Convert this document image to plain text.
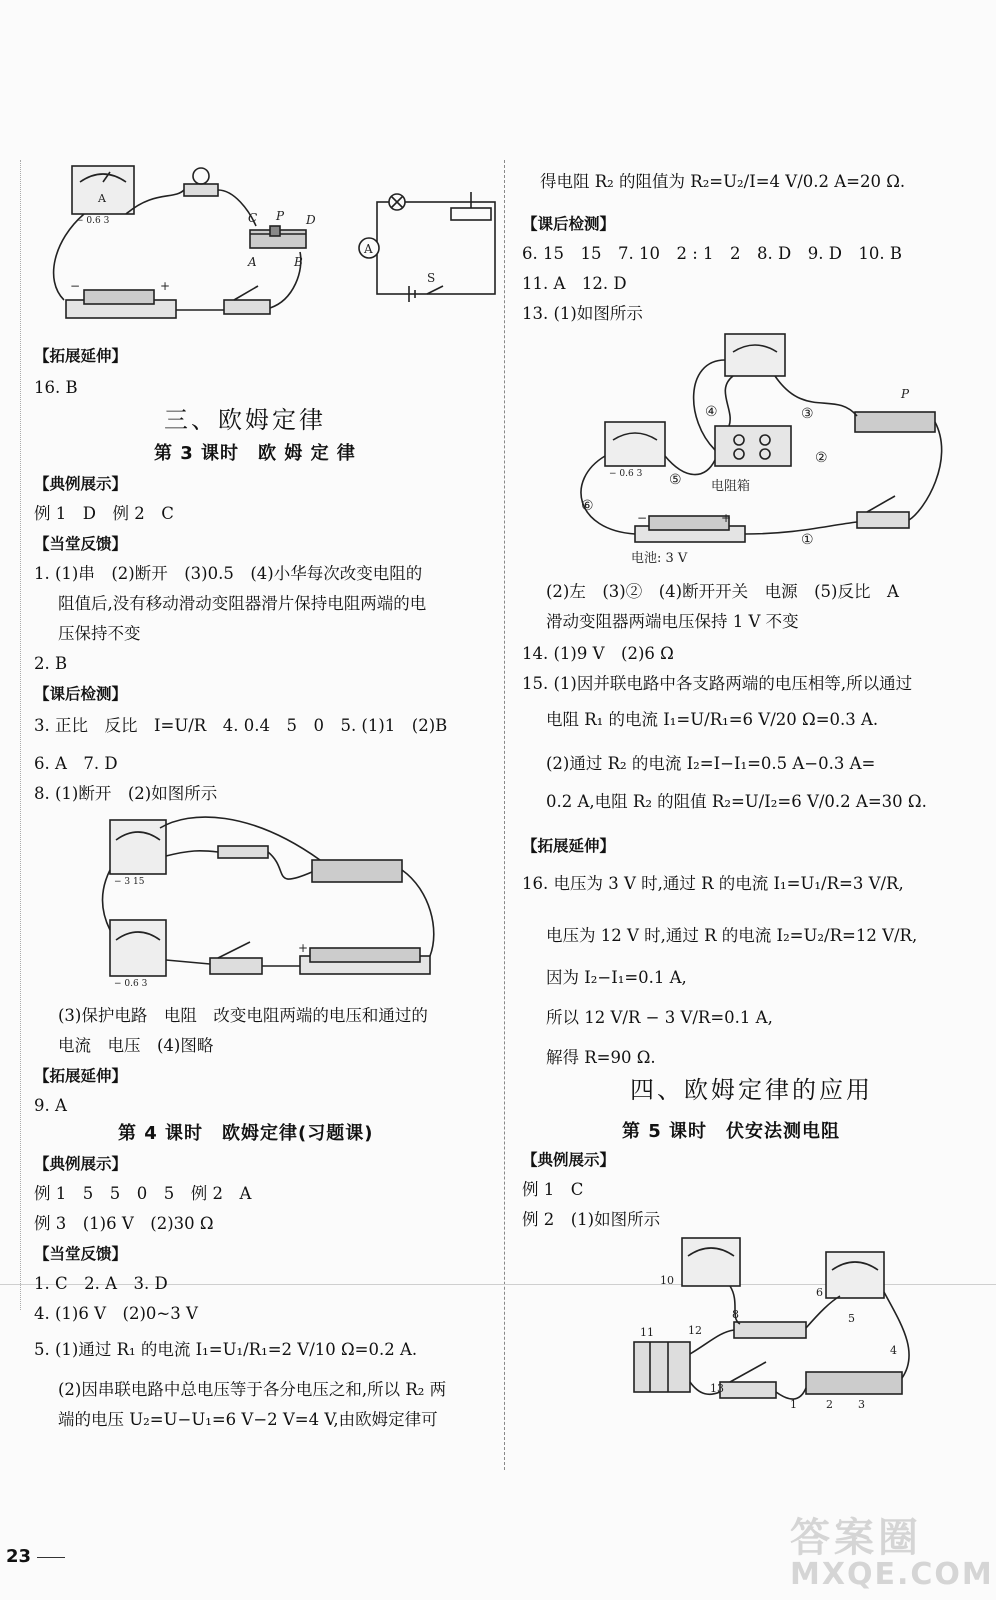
【拓展延伸】
16. B
三、欧姆定律
第 3 课时　欧 姆 定 律
【典例展示】
例 1　D　例 2　C
【当堂反馈】
1. (1)串　(2)断开　(3)0.5　(4)小华每次改变电阻的
阻值后,没有移动滑动变阻器滑片保持电阻两端的电
压保持不变
2. B
【课后检测】
3. 正比　反比　I=U/R　4. 0.4　5　0　5. (1)1　(2)B
6. A　7. D
8. (1)断开　(2)如图所示
(3)保护电路　电阻　改变电阻两端的电压和通过的
电流　电压　(4)图略
【拓展延伸】
9. A
第 4 课时　欧姆定律(习题课)
【典例展示】
例 1　5　5　0　5　例 2　A
例 3　(1)6 V　(2)30 Ω
【当堂反馈】
1. C　2. A　3. D
4. (1)6 V　(2)0~3 V
5. (1)通过 R₁ 的电流 I₁=U₁/R₁=2 V/10 Ω=0.2 A.
(2)因串联电路中总电压等于各分电压之和,所以 R₂ 两
端的电压 U₂=U−U₁=6 V−2 V=4 V,由欧姆定律可
得电阻 R₂ 的阻值为 R₂=U₂/I=4 V/0.2 A=20 Ω.
【课后检测】
6. 15　15　7. 10　2 : 1　2　8. D　9. D　10. B
11. A　12. D
13. (1)如图所示
(2)左　(3)②　(4)断开开关　电源　(5)反比　A
滑动变阻器两端电压保持 1 V 不变
14. (1)9 V　(2)6 Ω
15. (1)因并联电路中各支路两端的电压相等,所以通过
电阻 R₁ 的电流 I₁=U/R₁=6 V/20 Ω=0.3 A.
(2)通过 R₂ 的电流 I₂=I−I₁=0.5 A−0.3 A=
0.2 A,电阻 R₂ 的阻值 R₂=U/I₂=6 V/0.2 A=30 Ω.
【拓展延伸】
16. 电压为 3 V 时,通过 R 的电流 I₁=U₁/R=3 V/R,
电压为 12 V 时,通过 R 的电流 I₂=U₂/R=12 V/R,
因为 I₂−I₁=0.1 A,
所以 12 V/R − 3 V/R=0.1 A,
解得 R=90 Ω.
四、欧姆定律的应用
第 5 课时　伏安法测电阻
【典例展示】
例 1　C
例 2　(1)如图所示
A
− 0.6 3	C P D
A	B
−	+
A
S
− 0.6 3
电阻箱
P
−	+
电池: 3 V
①
②
③
④
⑤
⑥
− 3 15
− 0.6 3
+
10
11	12
13
8
6
5
4
1	2 3
23	答案圈
MXQE.COM
